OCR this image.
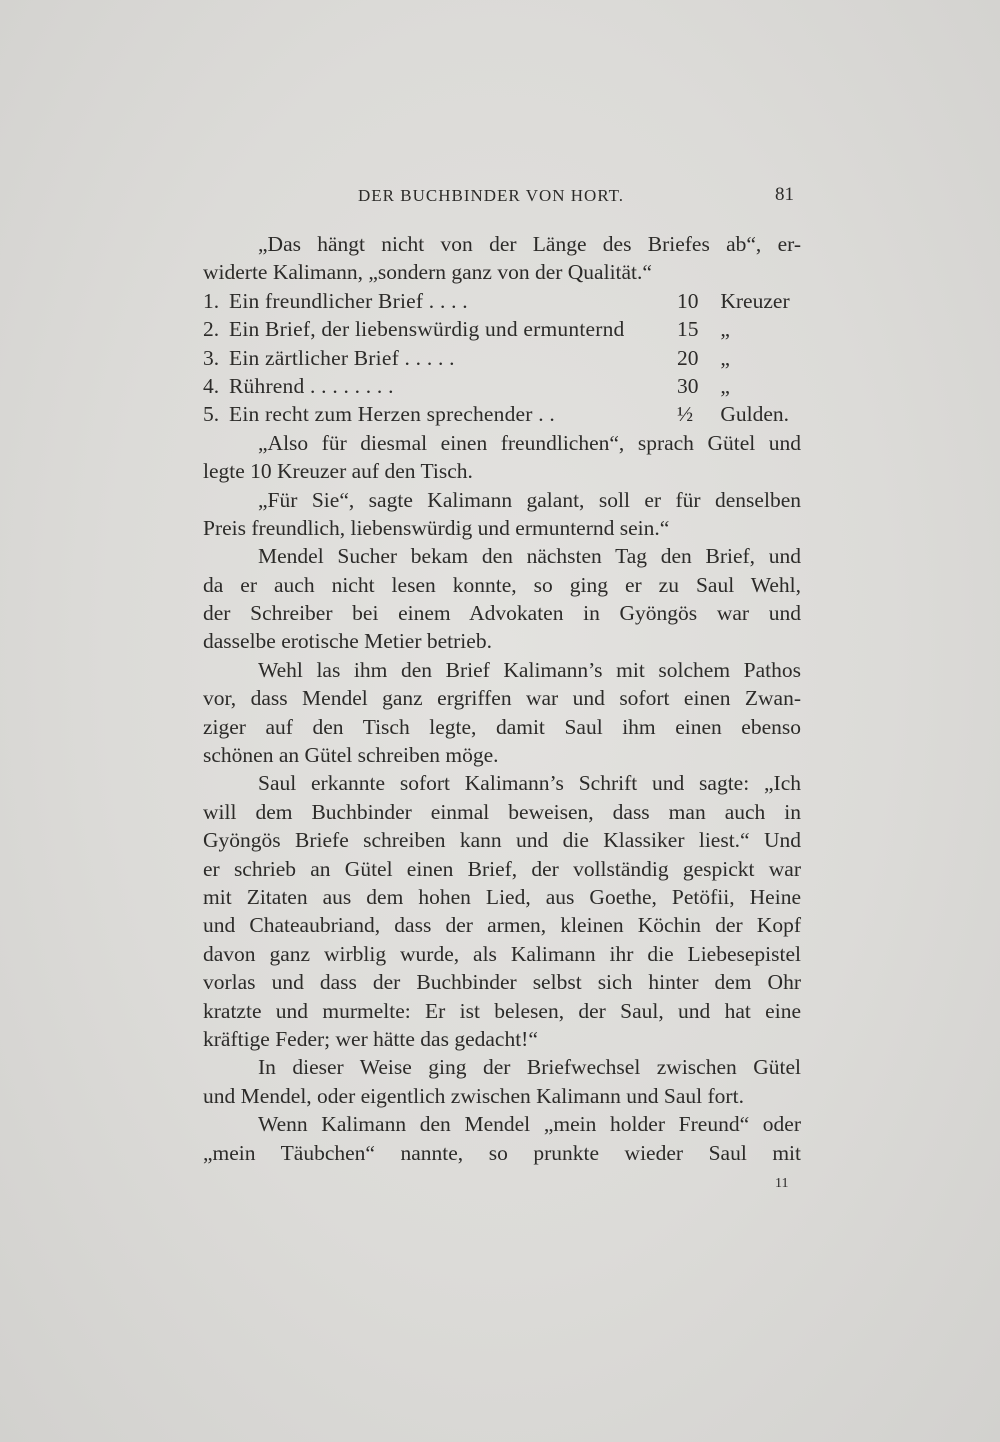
DER BUCHBINDER VON HORT.	81
„Das hängt nicht von der Länge des Briefes ab“, er-
widerte Kalimann, „sondern ganz von der Qualität.“
1. Ein freundlicher Brief . . . .	10 Kreuzer
2. Ein Brief, der liebenswürdig und ermunternd	15 „
3. Ein zärtlicher Brief . . . . .	20 „
4. Rührend . . . . . . . .	30 „
5. Ein recht zum Herzen sprechender . .	½ Gulden.
„Also für diesmal einen freundlichen“, sprach Gütel und
legte 10 Kreuzer auf den Tisch.
„Für Sie“, sagte Kalimann galant, soll er für denselben
Preis freundlich, liebenswürdig und ermunternd sein.“
Mendel Sucher bekam den nächsten Tag den Brief, und
da er auch nicht lesen konnte, so ging er zu Saul Wehl,
der Schreiber bei einem Advokaten in Gyöngös war und
dasselbe erotische Metier betrieb.
Wehl las ihm den Brief Kalimann’s mit solchem Pathos
vor, dass Mendel ganz ergriffen war und sofort einen Zwan-
ziger auf den Tisch legte, damit Saul ihm einen ebenso
schönen an Gütel schreiben möge.
Saul erkannte sofort Kalimann’s Schrift und sagte: „Ich
will dem Buchbinder einmal beweisen, dass man auch in
Gyöngös Briefe schreiben kann und die Klassiker liest.“ Und
er schrieb an Gütel einen Brief, der vollständig gespickt war
mit Zitaten aus dem hohen Lied, aus Goethe, Petöfii, Heine
und Chateaubriand, dass der armen, kleinen Köchin der Kopf
davon ganz wirblig wurde, als Kalimann ihr die Liebesepistel
vorlas und dass der Buchbinder selbst sich hinter dem Ohr
kratzte und murmelte: Er ist belesen, der Saul, und hat eine
kräftige Feder; wer hätte das gedacht!“
In dieser Weise ging der Briefwechsel zwischen Gütel
und Mendel, oder eigentlich zwischen Kalimann und Saul fort.
Wenn Kalimann den Mendel „mein holder Freund“ oder
„mein Täubchen“ nannte, so prunkte wieder Saul mit
11
